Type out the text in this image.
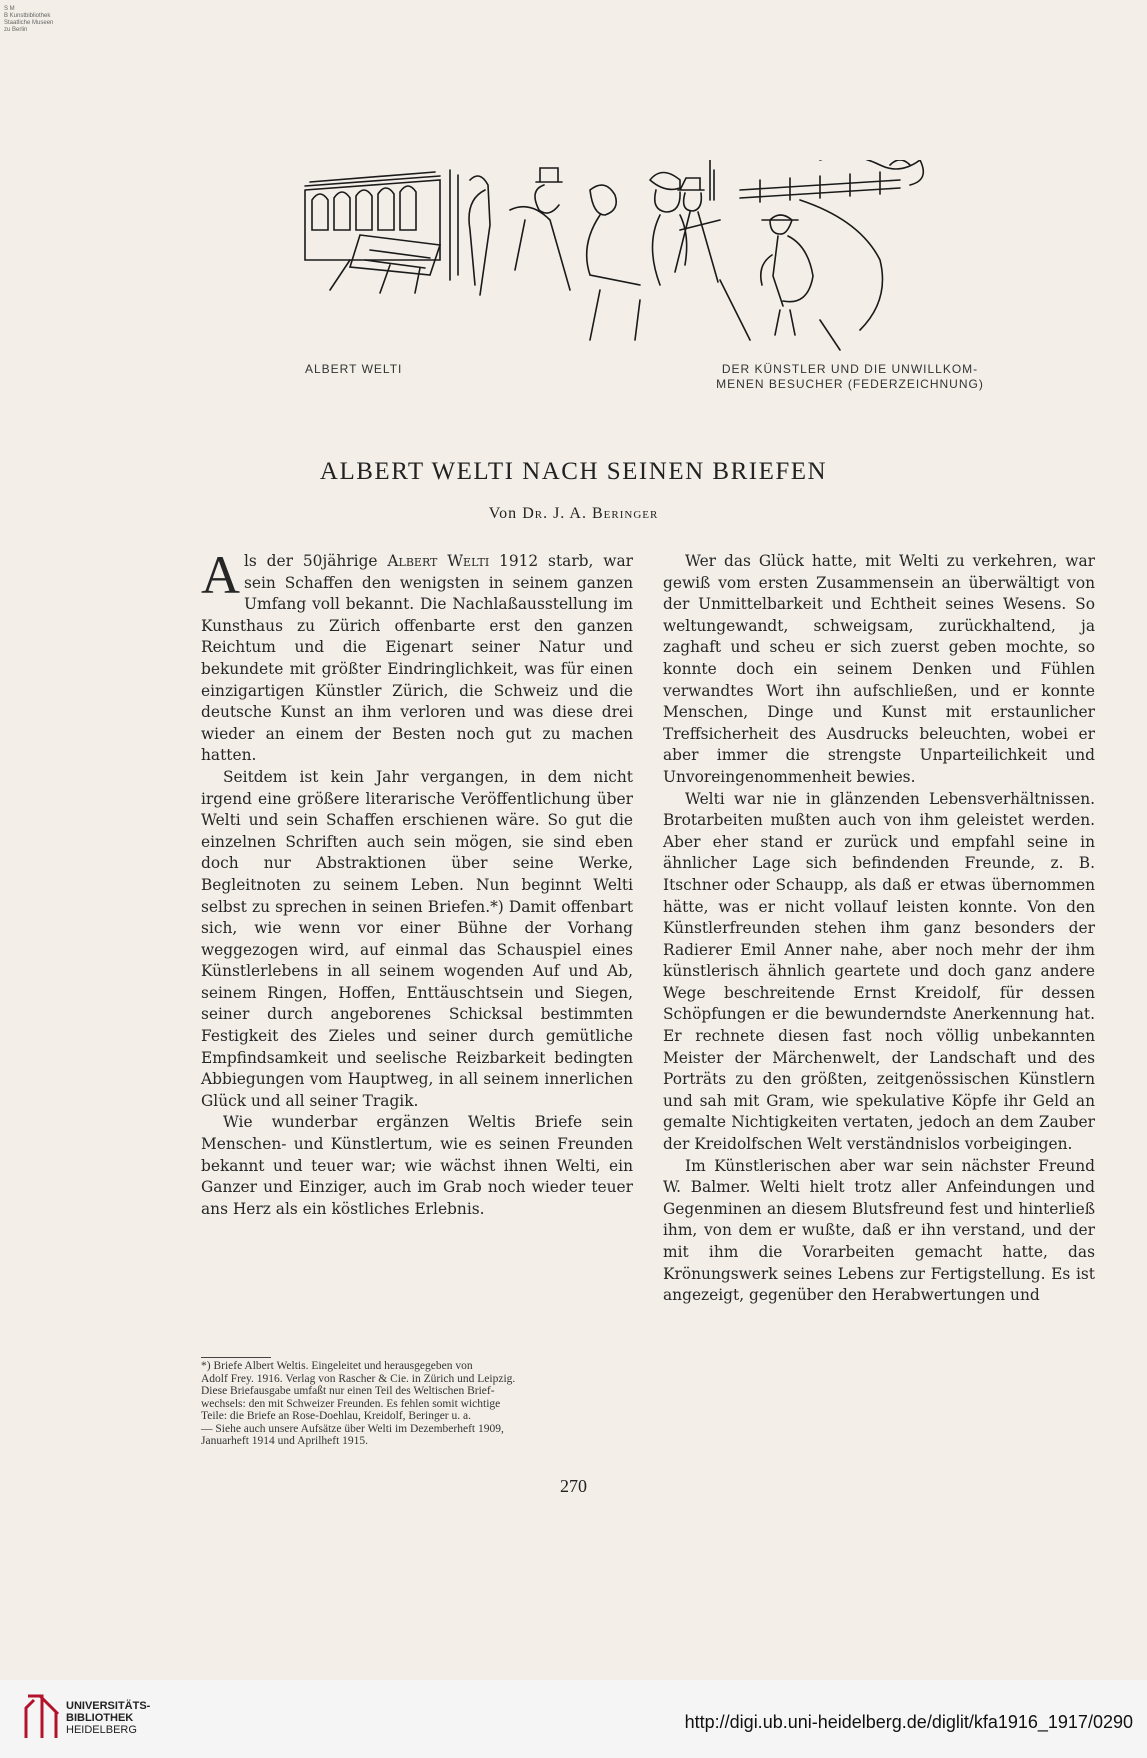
S M
B Kunstbibliothek
Staatliche Museen
zu Berlin
ALBERT WELTI	DER KÜNSTLER UND DIE UNWILLKOM-
MENEN BESUCHER (FEDERZEICHNUNG)
ALBERT WELTI NACH SEINEN BRIEFEN
Von Dr. J. A. Beringer

Als der 50jährige Albert Welti 1912 starb, war sein Schaffen den wenigsten in seinem ganzen Umfang voll bekannt. Die Nachlaßausstellung im Kunsthaus zu Zürich offenbarte erst den ganzen Reichtum und die Eigenart seiner Natur und bekundete mit größter Eindringlichkeit, was für einen einzigartigen Künstler Zürich, die Schweiz und die deutsche Kunst an ihm verloren und was diese drei wieder an einem der Besten noch gut zu machen hatten.

Seitdem ist kein Jahr vergangen, in dem nicht irgend eine größere literarische Veröffentlichung über Welti und sein Schaffen erschienen wäre. So gut die einzelnen Schriften auch sein mögen, sie sind eben doch nur Abstraktionen über seine Werke, Begleitnoten zu seinem Leben. Nun beginnt Welti selbst zu sprechen in seinen Briefen.*) Damit offenbart sich, wie wenn vor einer Bühne der Vorhang weggezogen wird, auf einmal das Schauspiel eines Künstlerlebens in all seinem wogenden Auf und Ab, seinem Ringen, Hoffen, Enttäuschtsein und Siegen, seiner durch angeborenes Schicksal bestimmten Festigkeit des Zieles und seiner durch gemütliche Empfindsamkeit und seelische Reizbarkeit bedingten Abbiegungen vom Hauptweg, in all seinem innerlichen Glück und all seiner Tragik.

Wie wunderbar ergänzen Weltis Briefe sein Menschen- und Künstlertum, wie es seinen Freunden bekannt und teuer war; wie wächst ihnen Welti, ein Ganzer und Einziger, auch im Grab noch wieder teuer ans Herz als ein köstliches Erlebnis.

Wer das Glück hatte, mit Welti zu verkehren, war gewiß vom ersten Zusammensein an überwältigt von der Unmittelbarkeit und Echtheit seines Wesens. So weltungewandt, schweigsam, zurückhaltend, ja zaghaft und scheu er sich zuerst geben mochte, so konnte doch ein seinem Denken und Fühlen verwandtes Wort ihn aufschließen, und er konnte Menschen, Dinge und Kunst mit erstaunlicher Treffsicherheit des Ausdrucks beleuchten, wobei er aber immer die strengste Unparteilichkeit und Unvoreingenommenheit bewies.

Welti war nie in glänzenden Lebensverhältnissen. Brotarbeiten mußten auch von ihm geleistet werden. Aber eher stand er zurück und empfahl seine in ähnlicher Lage sich befindenden Freunde, z. B. Itschner oder Schaupp, als daß er etwas übernommen hätte, was er nicht vollauf leisten konnte. Von den Künstlerfreunden stehen ihm ganz besonders der Radierer Emil Anner nahe, aber noch mehr der ihm künstlerisch ähnlich geartete und doch ganz andere Wege beschreitende Ernst Kreidolf, für dessen Schöpfungen er die bewunderndste Anerkennung hat. Er rechnete diesen fast noch völlig unbekannten Meister der Märchenwelt, der Landschaft und des Porträts zu den größten, zeitgenössischen Künstlern und sah mit Gram, wie spekulative Köpfe ihr Geld an gemalte Nichtigkeiten vertaten, jedoch an dem Zauber der Kreidolfschen Welt verständnislos vorbeigingen.

Im Künstlerischen aber war sein nächster Freund W. Balmer. Welti hielt trotz aller Anfeindungen und Gegenminen an diesem Blutsfreund fest und hinterließ ihm, von dem er wußte, daß er ihn verstand, und der mit ihm die Vorarbeiten gemacht hatte, das Krönungswerk seines Lebens zur Fertigstellung. Es ist angezeigt, gegenüber den Herabwertungen und

*) Briefe Albert Weltis. Eingeleitet und herausgegeben von
Adolf Frey. 1916. Verlag von Rascher & Cie. in Zürich und Leipzig.
Diese Briefausgabe umfaßt nur einen Teil des Weltischen Brief-
wechsels: den mit Schweizer Freunden. Es fehlen somit wichtige
Teile: die Briefe an Rose-Doehlau, Kreidolf, Beringer u. a.
— Siehe auch unsere Aufsätze über Welti im Dezemberheft 1909,
Januarheft 1914 und Aprilheft 1915.
270
UNIVERSITÄTS-
BIBLIOTHEK
HEIDELBERG	http://digi.ub.uni-heidelberg.de/diglit/kfa1916_1917/0290
